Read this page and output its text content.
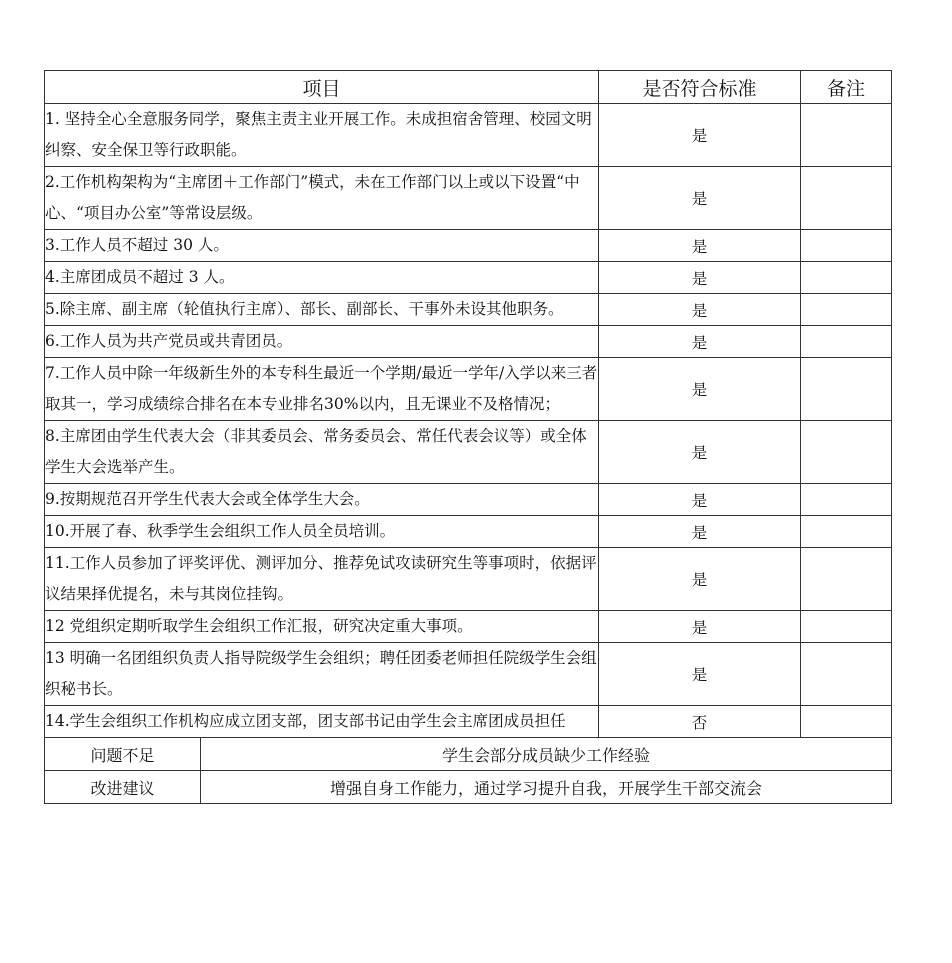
项目		是否符合标准	备注
1. 坚持全心全意服务同学，聚焦主责主业开展工作。未成担宿舍管理、校园文明纠察、安全保卫等行政职能。		是	
2.工作机构架构为“主席团＋工作部门”模式，未在工作部门以上或以下设置“中心、“项目办公室”等常设层级。		是	
3.工作人员不超过 30 人。		是	
4.主席团成员不超过 3 人。		是	
5.除主席、副主席（轮值执行主席）、部长、副部长、干事外未设其他职务。		是	
6.工作人员为共产党员或共青团员。		是	
7.工作人员中除一年级新生外的本专科生最近一个学期/最近一学年/入学以来三者取其一，学习成绩综合排名在本专业排名30%以内，且无课业不及格情况；		是	
8.主席团由学生代表大会（非其委员会、常务委员会、常任代表会议等）或全体学生大会选举产生。		是	
9.按期规范召开学生代表大会或全体学生大会。		是	
10.开展了春、秋季学生会组织工作人员全员培训。		是	
11.工作人员参加了评奖评优、测评加分、推荐免试攻读研究生等事项时，依据评议结果择优提名，未与其岗位挂钩。		是	
12 党组织定期听取学生会组织工作汇报，研究决定重大事项。		是	
13 明确一名团组织负责人指导院级学生会组织；聘任团委老师担任院级学生会组织秘书长。		是	
14.学生会组织工作机构应成立团支部，团支部书记由学生会主席团成员担任		否	
问题不足	学生会部分成员缺少工作经验		
改进建议	增强自身工作能力，通过学习提升自我，开展学生干部交流会		
